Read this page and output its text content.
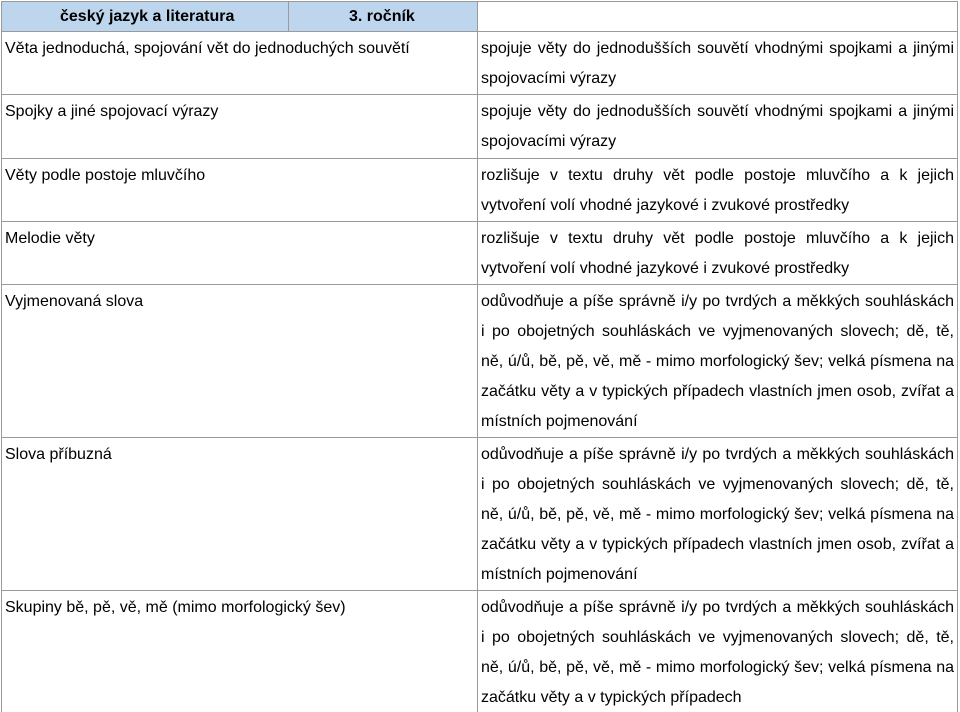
český jazyk a literatura	3. ročník	
Věta jednoduchá, spojování vět do jednoduchých souvětí		spojuje věty do jednodušších souvětí vhodnými spojkami a jinými spojovacími výrazy

Spojky a jiné spojovací výrazy		spojuje věty do jednodušších souvětí vhodnými spojkami a jinými spojovacími výrazy

Věty podle postoje mluvčího		rozlišuje v textu druhy vět podle postoje mluvčího a k jejich vytvoření volí vhodné jazykové i zvukové prostředky

Melodie věty		rozlišuje v textu druhy vět podle postoje mluvčího a k jejich vytvoření volí vhodné jazykové i zvukové prostředky

Vyjmenovaná slova		odůvodňuje a píše správně i/y po tvrdých a měkkých souhláskách i po obojetných souhláskách ve vyjmenovaných slovech; dě, tě, ně, ú/ů, bě, pě, vě, mě - mimo morfologický šev; velká písmena na začátku věty a v typických případech vlastních jmen osob, zvířat a místních pojmenování

Slova příbuzná		odůvodňuje a píše správně i/y po tvrdých a měkkých souhláskách i po obojetných souhláskách ve vyjmenovaných slovech; dě, tě, ně, ú/ů, bě, pě, vě, mě - mimo morfologický šev; velká písmena na začátku věty a v typických případech vlastních jmen osob, zvířat a místních pojmenování

Skupiny bě, pě, vě, mě (mimo morfologický šev)		odůvodňuje a píše správně i/y po tvrdých a měkkých souhláskách i po obojetných souhláskách ve vyjmenovaných slovech; dě, tě, ně, ú/ů, bě, pě, vě, mě - mimo morfologický šev; velká písmena na začátku věty a v typických případech
